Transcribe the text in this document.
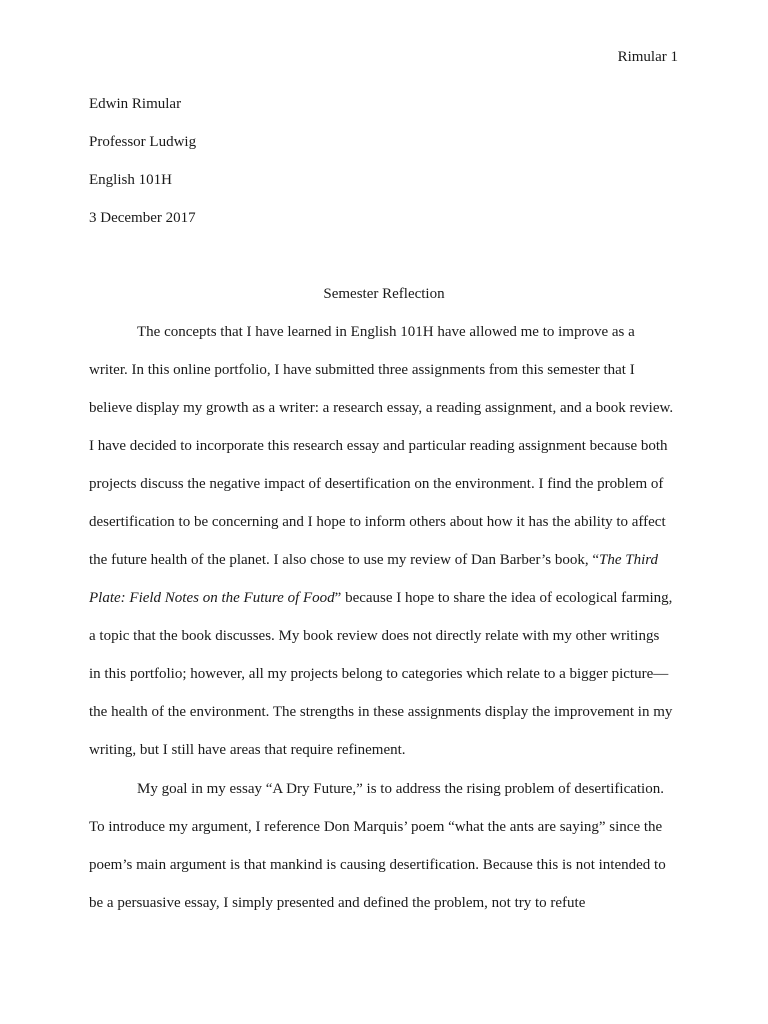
Rimular 1

Edwin Rimular

Professor Ludwig

English 101H

3 December 2017

Semester Reflection

The concepts that I have learned in English 101H have allowed me to improve as a

writer. In this online portfolio, I have submitted three assignments from this semester that I

believe display my growth as a writer: a research essay, a reading assignment, and a book review.

I have decided to incorporate this research essay and particular reading assignment because both

projects discuss the negative impact of desertification on the environment. I find the problem of

desertification to be concerning and I hope to inform others about how it has the ability to affect

the future health of the planet. I also chose to use my review of Dan Barber’s book, “The Third

Plate: Field Notes on the Future of Food” because I hope to share the idea of ecological farming,

a topic that the book discusses. My book review does not directly relate with my other writings

in this portfolio; however, all my projects belong to categories which relate to a bigger picture—

the health of the environment. The strengths in these assignments display the improvement in my

writing, but I still have areas that require refinement.

My goal in my essay “A Dry Future,” is to address the rising problem of desertification.

To introduce my argument, I reference Don Marquis’ poem “what the ants are saying” since the

poem’s main argument is that mankind is causing desertification. Because this is not intended to

be a persuasive essay, I simply presented and defined the problem, not try to refute
